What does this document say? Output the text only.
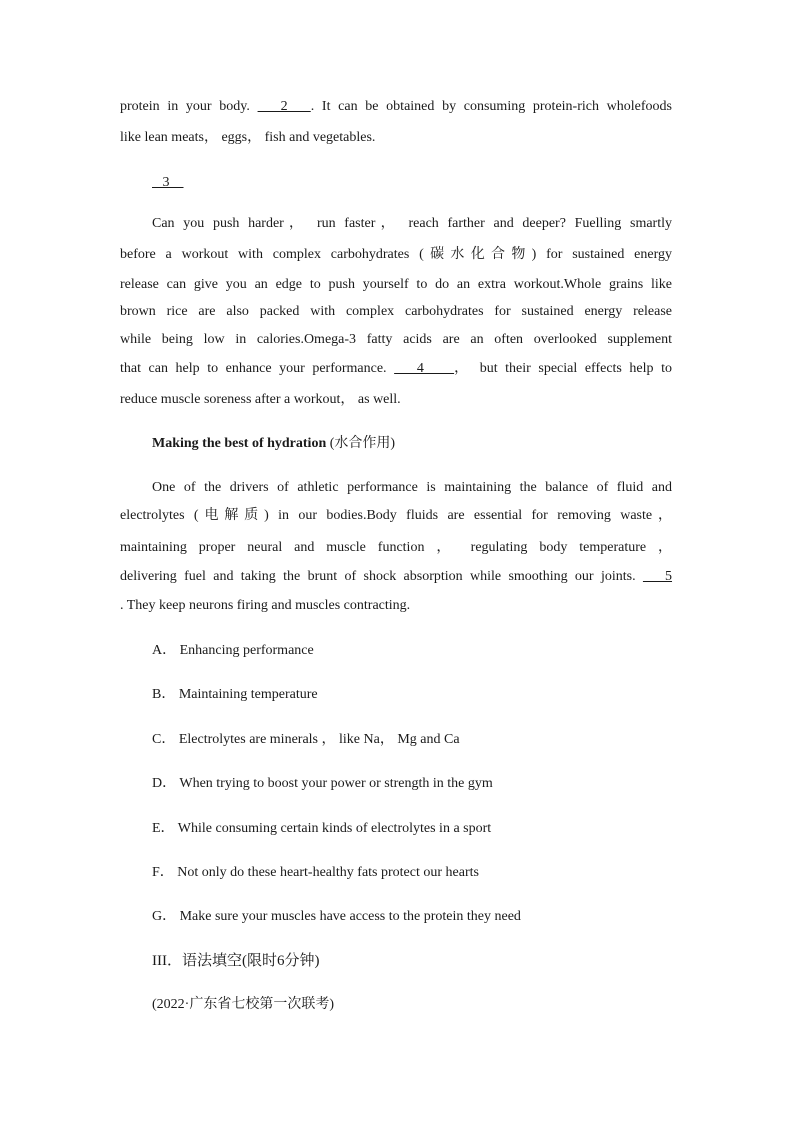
protein in your body.    2   . It can be obtained by consuming protein-rich wholefoods
like lean meats， eggs， fish and vegetables.
3
Can you push harder， run faster， reach farther and deeper? Fuelling smartly
before a workout with complex carbohydrates (碳水化合物) for sustained energy
release can give you an edge to push yourself to do an extra workout.Whole grains like
brown rice are also packed with complex carbohydrates for sustained energy release
while being low in calories.Omega-3 fatty acids are an often overlooked supplement
that can help to enhance your performance.    4    ， but their special effects help to
reduce muscle soreness after a workout， as well.
Making the best of hydration (水合作用)
One of the drivers of athletic performance is maintaining the balance of fluid and
electrolytes (电解质) in our bodies.Body fluids are essential for removing waste，
maintaining proper neural and muscle function ， regulating body temperature ，
delivering fuel and taking the brunt of shock absorption while smoothing our joints.    5
. They keep neurons firing and muscles contracting.
A． Enhancing performance
B． Maintaining temperature
C． Electrolytes are minerals ， like Na， Mg and Ca
D． When trying to boost your power or strength in the gym
E． While consuming certain kinds of electrolytes in a sport
F． Not only do these heart-healthy fats protect our hearts
G． Make sure your muscles have access to the protein they need
III．语法填空(限时6分钟)
(2022·广东省七校第一次联考)
